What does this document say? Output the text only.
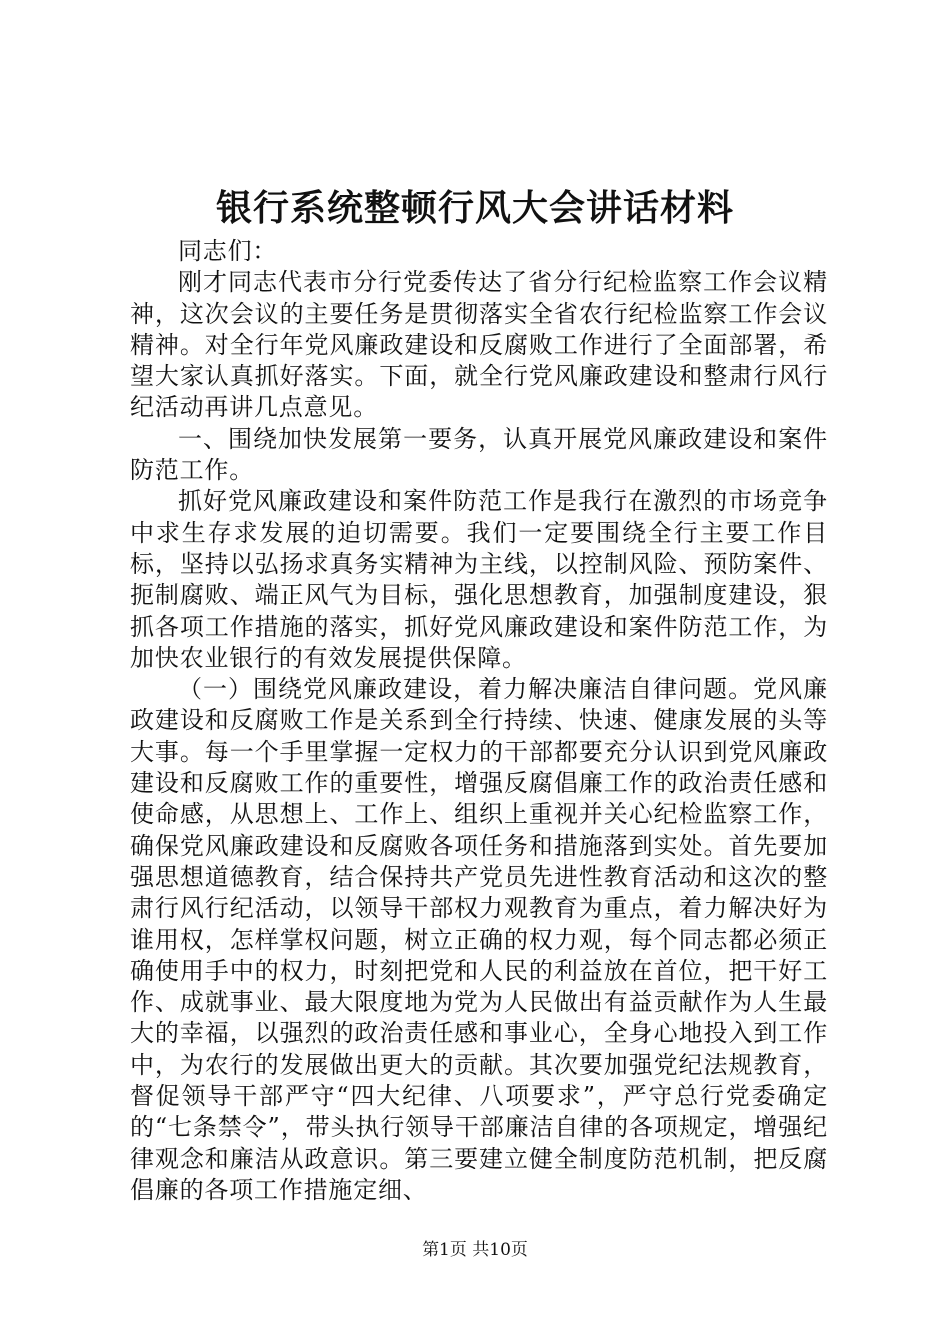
银行系统整顿行风大会讲话材料

同志们：

刚才同志代表市分行党委传达了省分行纪检监察工作会议精神，这次会议的主要任务是贯彻落实全省农行纪检监察工作会议精神。对全行年党风廉政建设和反腐败工作进行了全面部署，希望大家认真抓好落实。下面，就全行党风廉政建设和整肃行风行纪活动再讲几点意见。

一、围绕加快发展第一要务，认真开展党风廉政建设和案件防范工作。

抓好党风廉政建设和案件防范工作是我行在激烈的市场竞争中求生存求发展的迫切需要。我们一定要围绕全行主要工作目标，坚持以弘扬求真务实精神为主线，以控制风险、预防案件、扼制腐败、端正风气为目标，强化思想教育，加强制度建设，狠抓各项工作措施的落实，抓好党风廉政建设和案件防范工作，为加快农业银行的有效发展提供保障。

（一）围绕党风廉政建设，着力解决廉洁自律问题。党风廉政建设和反腐败工作是关系到全行持续、快速、健康发展的头等大事。每一个手里掌握一定权力的干部都要充分认识到党风廉政建设和反腐败工作的重要性，增强反腐倡廉工作的政治责任感和使命感，从思想上、工作上、组织上重视并关心纪检监察工作，确保党风廉政建设和反腐败各项任务和措施落到实处。首先要加强思想道德教育，结合保持共产党员先进性教育活动和这次的整肃行风行纪活动，以领导干部权力观教育为重点，着力解决好为谁用权，怎样掌权问题，树立正确的权力观，每个同志都必须正确使用手中的权力，时刻把党和人民的利益放在首位，把干好工作、成就事业、最大限度地为党为人民做出有益贡献作为人生最大的幸福，以强烈的政治责任感和事业心，全身心地投入到工作中，为农行的发展做出更大的贡献。其次要加强党纪法规教育，督促领导干部严守“四大纪律、八项要求”，严守总行党委确定的“七条禁令”，带头执行领导干部廉洁自律的各项规定，增强纪律观念和廉洁从政意识。第三要建立健全制度防范机制，把反腐倡廉的各项工作措施定细、

第1页 共10页
